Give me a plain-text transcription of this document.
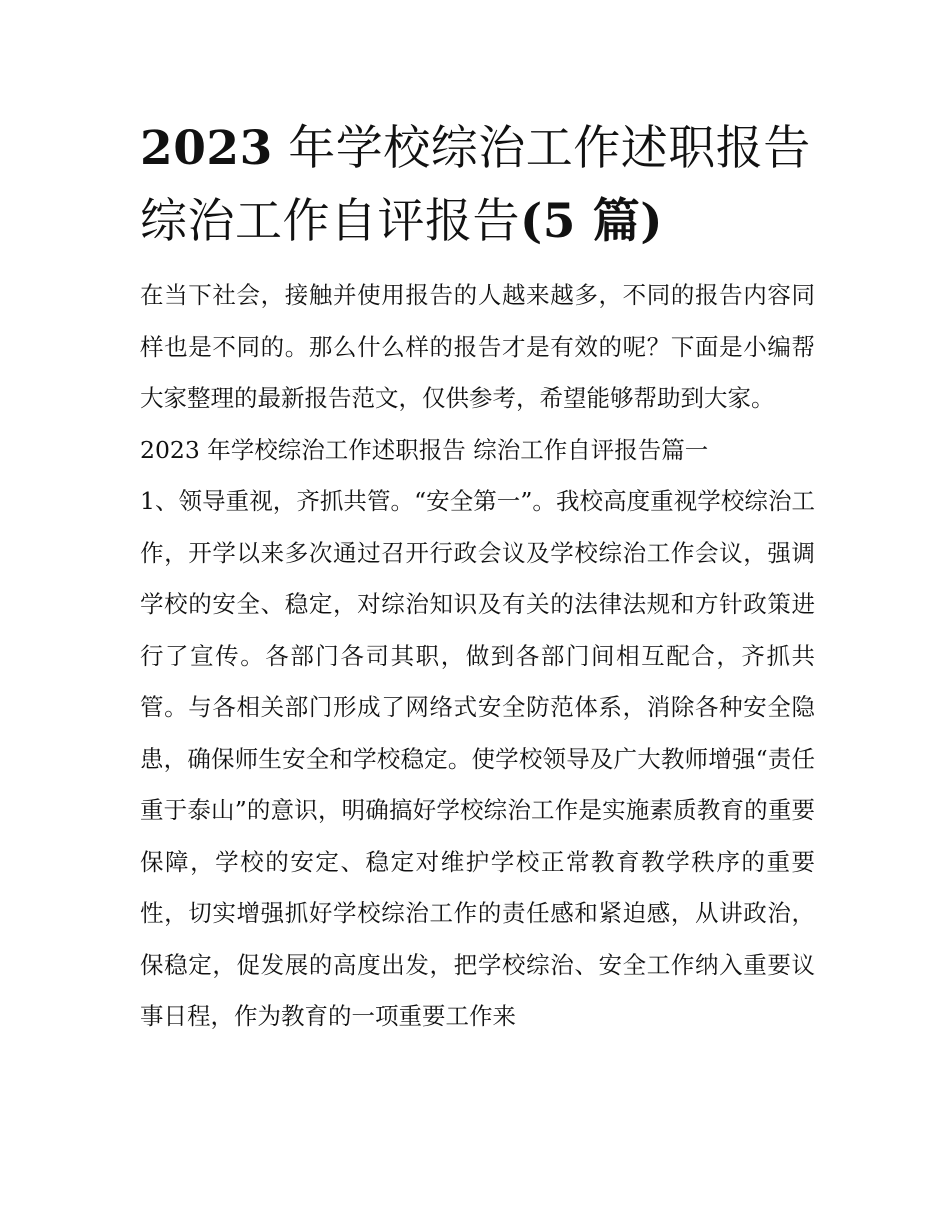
2023 年学校综治工作述职报告
综治工作自评报告(5 篇)

在当下社会，接触并使用报告的人越来越多，不同的报告内容同样也是不同的。那么什么样的报告才是有效的呢？下面是小编帮大家整理的最新报告范文，仅供参考，希望能够帮助到大家。

2023 年学校综治工作述职报告 综治工作自评报告篇一

1、领导重视，齐抓共管。“安全第一”。我校高度重视学校综治工作，开学以来多次通过召开行政会议及学校综治工作会议，强调学校的安全、稳定，对综治知识及有关的法律法规和方针政策进行了宣传。各部门各司其职，做到各部门间相互配合，齐抓共管。与各相关部门形成了网络式安全防范体系，消除各种安全隐患，确保师生安全和学校稳定。使学校领导及广大教师增强“责任重于泰山”的意识，明确搞好学校综治工作是实施素质教育的重要保障，学校的安定、稳定对维护学校正常教育教学秩序的重要性，切实增强抓好学校综治工作的责任感和紧迫感，从讲政治，保稳定，促发展的高度出发，把学校综治、安全工作纳入重要议事日程，作为教育的一项重要工作来
